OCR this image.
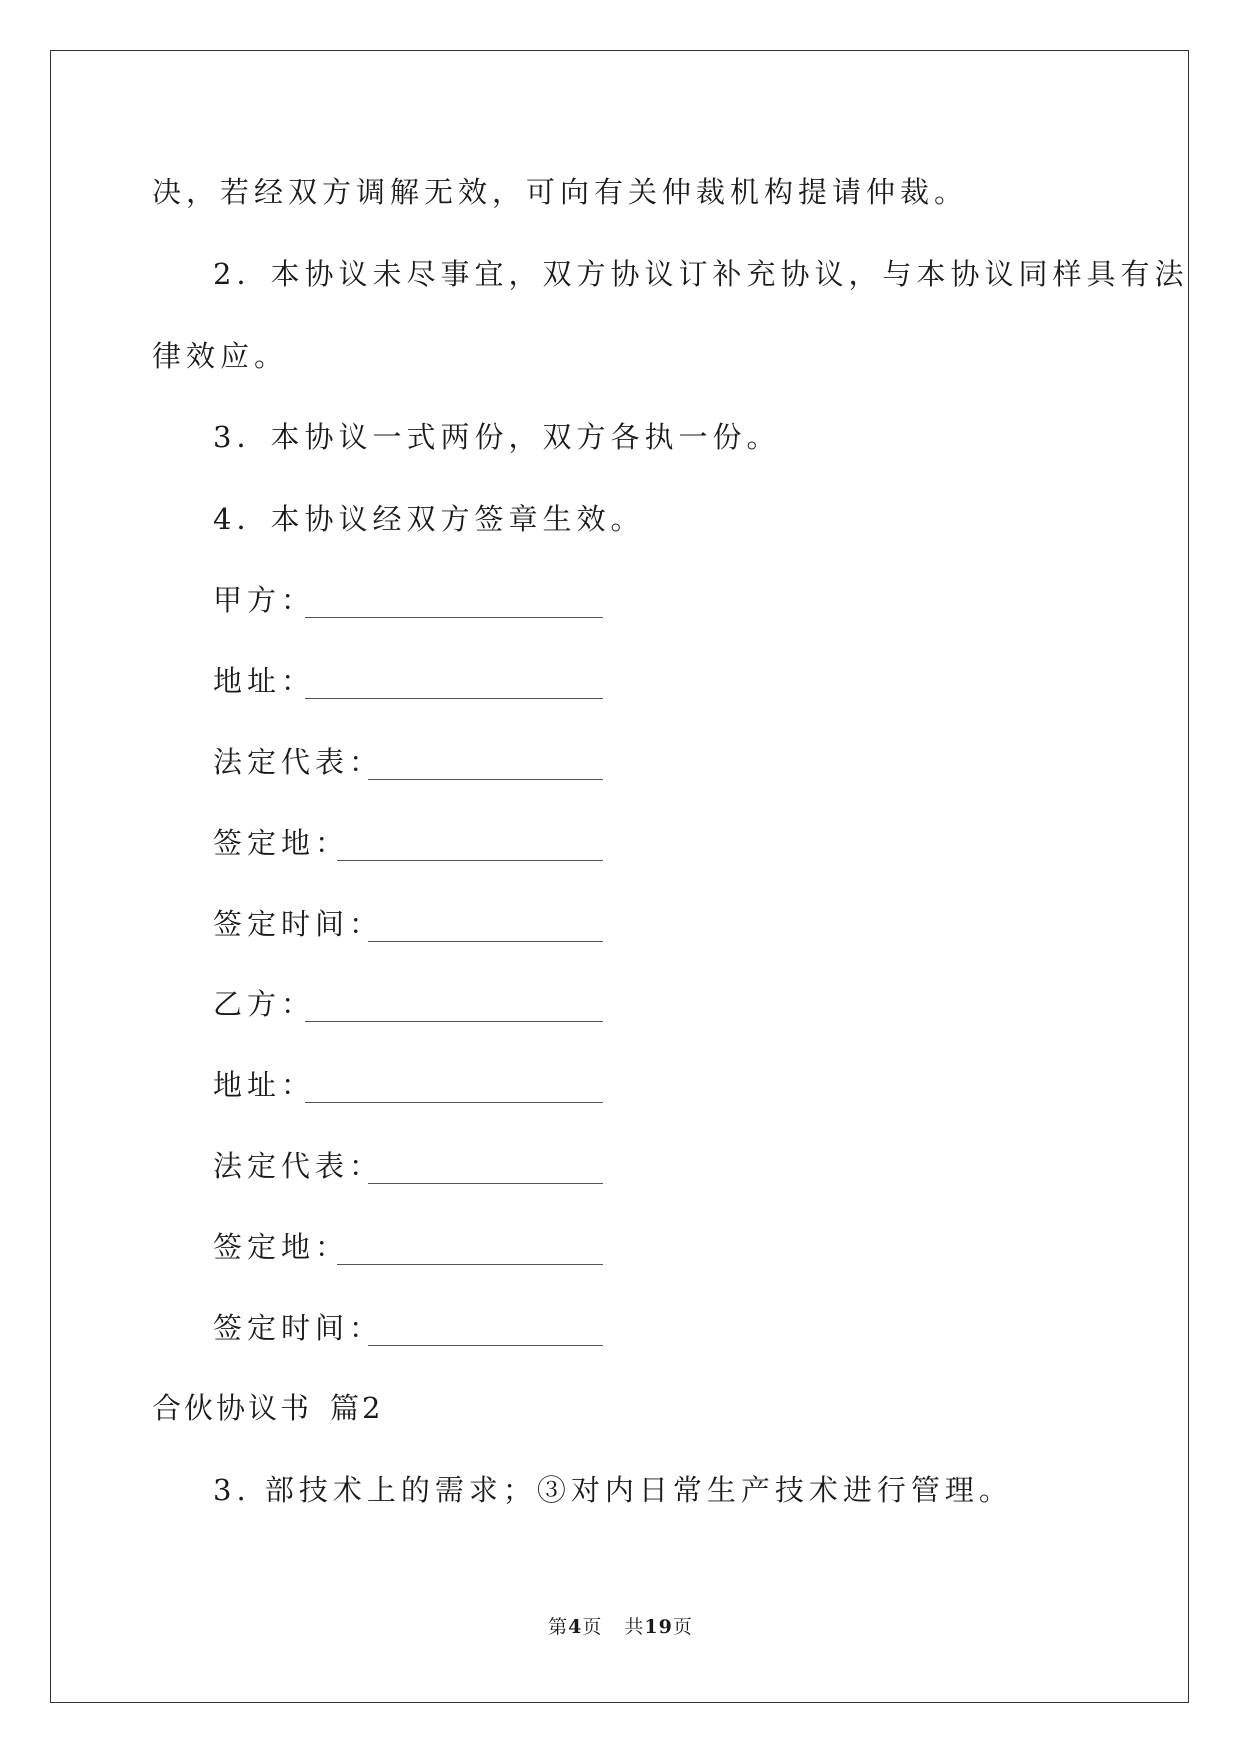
决，若经双方调解无效，可向有关仲裁机构提请仲裁。
2．本协议未尽事宜，双方协议订补充协议，与本协议同样具有法
律效应。
3．本协议一式两份，双方各执一份。
4．本协议经双方签章生效。
甲方：
地址：
法定代表：
签定地：
签定时间：
乙方：
地址：
法定代表：
签定地：
签定时间：
合伙协议书 篇2
3. 部技术上的需求；③对内日常生产技术进行管理。
第4页 共19页
